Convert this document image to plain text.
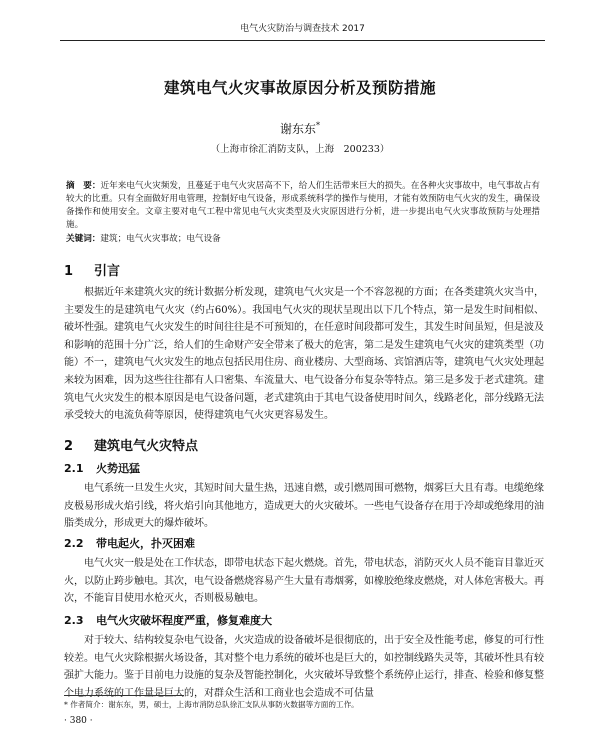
电气火灾防治与调查技术 2017
建筑电气火灾事故原因分析及预防措施
谢东东*
（上海市徐汇消防支队，上海　200233）
摘　要：近年来电气火灾频发，且蔓延于电气火灾居高不下，给人们生活带来巨大的损失。在各种火灾事故中，电气事故占有较大的比重。只有全面做好用电管理，控制好电气设备，形成系统科学的操作与使用，才能有效预防电气火灾的发生，确保设备操作和使用安全。文章主要对电气工程中常见电气火灾类型及火灾原因进行分析，进一步提出电气火灾事故预防与处理措施。
关键词：建筑；电气火灾事故；电气设备
1 引言
根据近年来建筑火灾的统计数据分析发现，建筑电气火灾是一个不容忽视的方面；在各类建筑火灾当中，主要发生的是建筑电气火灾（约占60%）。我国电气火灾的现状呈现出以下几个特点，第一是发生时间相似、破坏性强。建筑电气火灾发生的时间往往是不可预知的，在任意时间段都可发生，其发生时间虽短，但是波及和影响的范围十分广泛，给人们的生命财产安全带来了极大的危害，第二是发生建筑电气火灾的建筑类型（功能）不一，建筑电气火灾发生的地点包括民用住房、商业楼房、大型商场、宾馆酒店等，建筑电气火灾处理起来较为困难，因为这些往往都有人口密集、车流量大、电气设备分布复杂等特点。第三是多发于老式建筑。建筑电气火灾发生的根本原因是电气设备问题，老式建筑由于其电气设备使用时间久，线路老化，部分线路无法承受较大的电流负荷等原因，使得建筑电气火灾更容易发生。
2 建筑电气火灾特点
2.1 火势迅猛
电气系统一旦发生火灾，其短时间大量生热，迅速自燃，或引燃周围可燃物，烟雾巨大且有毒。电缆绝缘皮极易形成火焰引线，将火焰引向其他地方，造成更大的火灾破坏。一些电气设备存在用于冷却或绝缘用的油脂类成分，形成更大的爆炸破坏。
2.2 带电起火，扑灭困难
电气火灾一般是处在工作状态，即带电状态下起火燃烧。首先，带电状态，消防灭火人员不能盲目靠近灭火，以防止跨步触电。其次，电气设备燃烧容易产生大量有毒烟雾，如橡胶绝缘皮燃烧，对人体危害极大。再次，不能盲目使用水枪灭火，否则极易触电。
2.3 电气火灾破坏程度严重，修复难度大
对于较大、结构较复杂电气设备，火灾造成的设备破坏是很彻底的，出于安全及性能考虑，修复的可行性较差。电气火灾除根据火场设备，其对整个电力系统的破坏也是巨大的，如控制线路失灵等，其破坏性具有较强扩大能力。鉴于目前电力设施的复杂及智能控制化，火灾破坏导致整个系统停止运行，排查、检验和修复整个电力系统的工作量是巨大的，对群众生活和工商业也会造成不可估量
* 作者简介：谢东东，男，硕士，上海市消防总队徐汇支队从事防火数据等方面的工作。
· 380 ·
